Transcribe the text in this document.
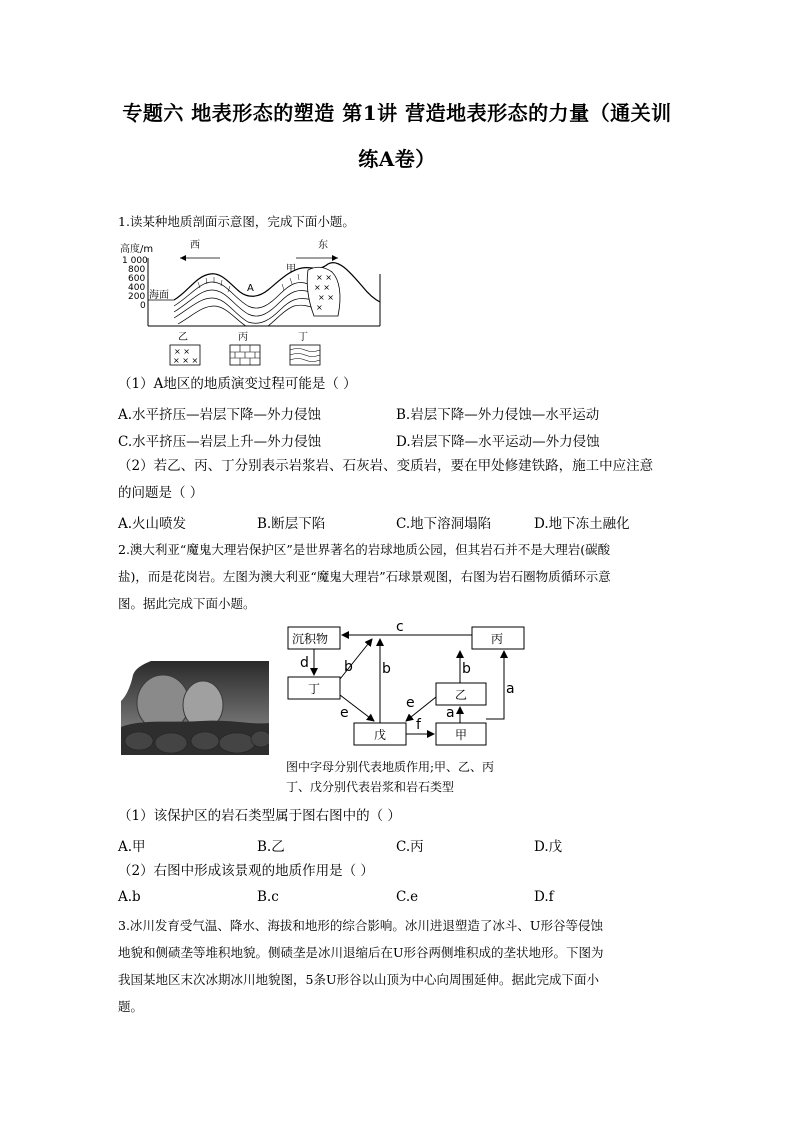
专题六 地表形态的塑造 第1讲 营造地表形态的力量（通关训
练A卷）
1.读某种地质剖面示意图，完成下面小题。
高度/m
1 000
800
600
400
200
0
海面
西	东
× ×
× ×
× ×
×
A
甲
乙	丙	丁
× ×
× × ×
（1）A地区的地质演变过程可能是（ ）
A.水平挤压—岩层下降—外力侵蚀	B.岩层下降—外力侵蚀—水平运动
C.水平挤压—岩层上升—外力侵蚀	D.岩层下降—水平运动—外力侵蚀
（2）若乙、丙、丁分别表示岩浆岩、石灰岩、变质岩，要在甲处修建铁路，施工中应注意
的问题是（ ）
A.火山喷发	B.断层下陷	C.地下溶洞塌陷	D.地下冻土融化
2.澳大利亚“魔鬼大理岩保护区”是世界著名的岩球地质公园，但其岩石并不是大理岩(碳酸
盐)，而是花岗岩。左图为澳大利亚“魔鬼大理岩”石球景观图，右图为岩石圈物质循环示意
图。据此完成下面小题。
沉积物	丙
丁	乙
戊	甲
c
d	b b	b
a
e
e
a
f
图中字母分别代表地质作用;甲、乙、丙
丁、戊分别代表岩浆和岩石类型
（1）该保护区的岩石类型属于图右图中的（ ）
A.甲	B.乙	C.丙	D.戊
（2）右图中形成该景观的地质作用是（ ）
A.b	B.c	C.e	D.f
3.冰川发育受气温、降水、海拔和地形的综合影响。冰川进退塑造了冰斗、U形谷等侵蚀
地貌和侧碛垄等堆积地貌。侧碛垄是冰川退缩后在U形谷两侧堆积成的垄状地形。下图为
我国某地区末次冰期冰川地貌图，5条U形谷以山顶为中心向周围延伸。据此完成下面小
题。
